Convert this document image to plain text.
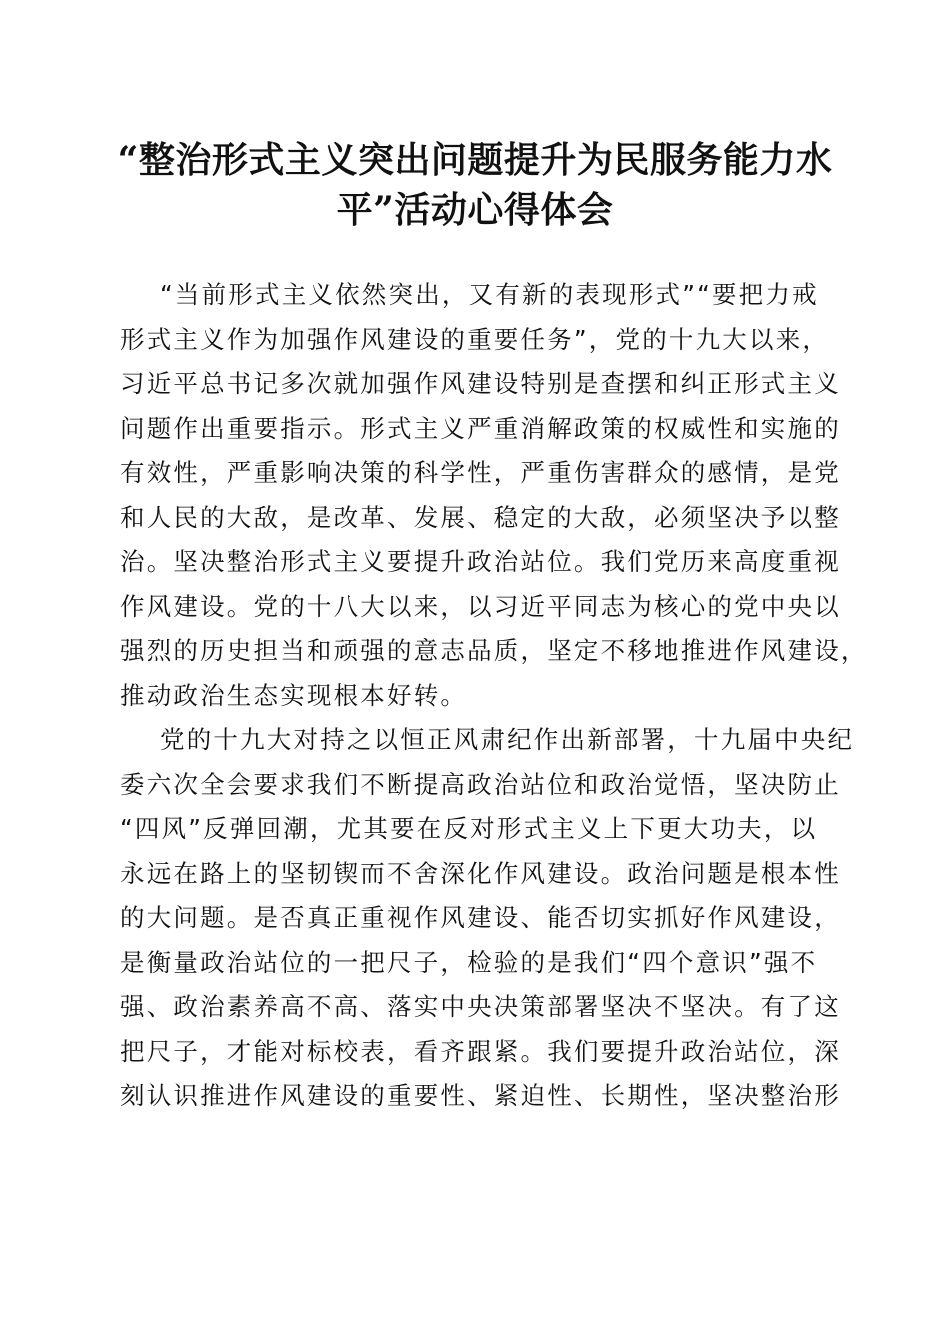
“整治形式主义突出问题提升为民服务能力水
平”活动心得体会

“当前形式主义依然突出，又有新的表现形式”“要把力戒
形式主义作为加强作风建设的重要任务”，党的十九大以来，
习近平总书记多次就加强作风建设特别是查摆和纠正形式主义
问题作出重要指示。形式主义严重消解政策的权威性和实施的
有效性，严重影响决策的科学性，严重伤害群众的感情，是党
和人民的大敌，是改革、发展、稳定的大敌，必须坚决予以整
治。坚决整治形式主义要提升政治站位。我们党历来高度重视
作风建设。党的十八大以来，以习近平同志为核心的党中央以
强烈的历史担当和顽强的意志品质，坚定不移地推进作风建设，
推动政治生态实现根本好转。

党的十九大对持之以恒正风肃纪作出新部署，十九届中央纪
委六次全会要求我们不断提高政治站位和政治觉悟，坚决防止
“四风”反弹回潮，尤其要在反对形式主义上下更大功夫，以
永远在路上的坚韧锲而不舍深化作风建设。政治问题是根本性
的大问题。是否真正重视作风建设、能否切实抓好作风建设，
是衡量政治站位的一把尺子，检验的是我们“四个意识”强不
强、政治素养高不高、落实中央决策部署坚决不坚决。有了这
把尺子，才能对标校表，看齐跟紧。我们要提升政治站位，深
刻认识推进作风建设的重要性、紧迫性、长期性，坚决整治形
